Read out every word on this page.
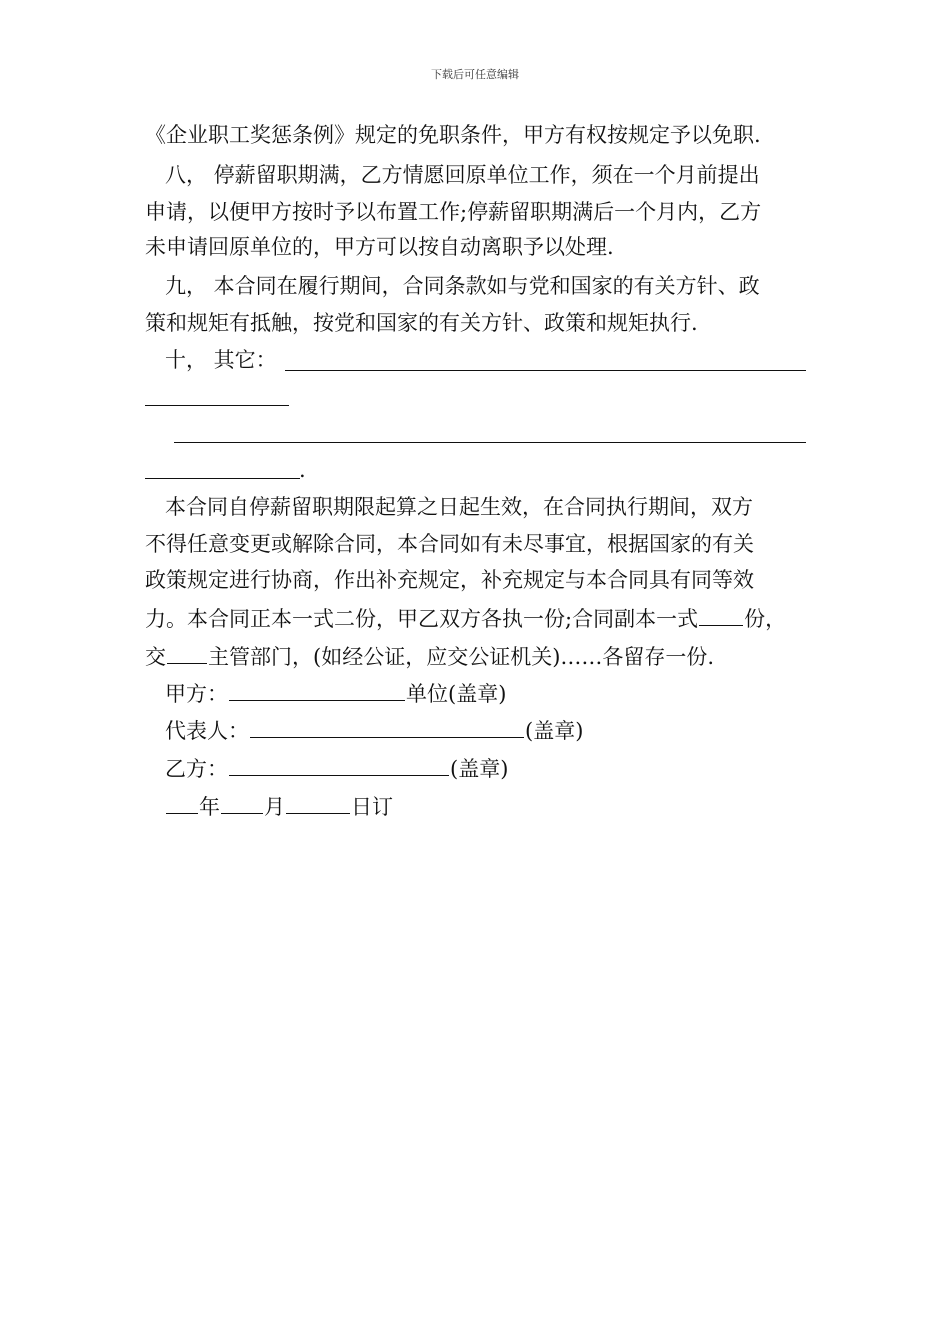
下载后可任意编辑
《企业职工奖惩条例》规定的免职条件，甲方有权按规定予以免职.
八， 停薪留职期满，乙方情愿回原单位工作，须在一个月前提出
申请，以便甲方按时予以布置工作;停薪留职期满后一个月内，乙方
未申请回原单位的，甲方可以按自动离职予以处理.
九， 本合同在履行期间，合同条款如与党和国家的有关方针、政
策和规矩有抵触，按党和国家的有关方针、政策和规矩执行.
十， 其它：
.
本合同自停薪留职期限起算之日起生效，在合同执行期间，双方
不得任意变更或解除合同，本合同如有未尽事宜，根据国家的有关
政策规定进行协商，作出补充规定，补充规定与本合同具有同等效
力。本合同正本一式二份，甲乙双方各执一份;合同副本一式 份，
交 主管部门，(如经公证，应交公证机关)……各留存一份.
甲方：	单位(盖章)
代表人：	(盖章)
乙方：	(盖章)
年 月	日订
